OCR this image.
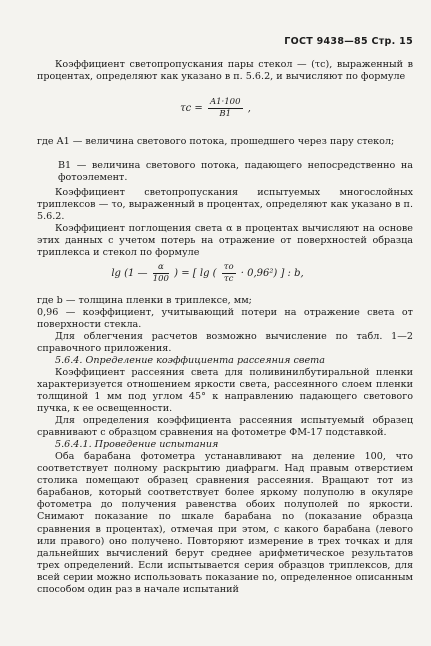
ГОСТ 9438—85 Стр. 15
Коэффициент светопропускания пары стекол — (τc), выраженный в процентах, определяют как указано в п. 5.6.2, и вычисляют по формуле
$\tau c = \frac{A1\cdot 100}{B1}$ ,
где A1 — величина светового потока, прошедшего через пару стекол;
B1 — величина светового потока, падающего непосредственно на фотоэлемент.
Коэффициент светопропускания испытуемых многослойных триплексов — τo, выраженный в процентах, определяют как указано в п. 5.6.2.
Коэффициент поглощения света α в процентах вычисляют на основе этих данных с учетом потерь на отражение от поверхностей образца триплекса и стекол по формуле
lg (1 — $\frac{\alpha}{100}$ ) = [ lg ( $\frac{\tau o}{\tau c} \cdot 0,96^2$) ] : b,
где b — толщина пленки в триплексе, мм;
0,96 — коэффициент, учитывающий потери на отражение света от поверхности стекла.
Для облегчения расчетов возможно вычисление по табл. 1—2 справочного приложения.
5.6.4. Определение коэффициента рассеяния света
Коэффициент рассеяния света для поливинилбутиральной пленки характеризуется отношением яркости света, рассеянного слоем пленки толщиной 1 мм под углом 45° к направлению падающего светового пучка, к ее освещенности.
Для определения коэффициента рассеяния испытуемый образец сравнивают с образцом сравнения на фотометре ФМ-17 подставкой.
5.6.4.1. Проведение испытания
Оба барабана фотометра устанавливают на деление 100, что соответствует полному раскрытию диафрагм. Над правым отверстием столика помещают образец сравнения рассеяния. Вращают тот из барабанов, который соответствует более яркому полуполю в окуляре фотометра до получения равенства обоих полуполей по яркости. Снимают показание по шкале барабана no (показание образца сравнения в процентах), отмечая при этом, с какого барабана (левого или правого) оно получено. Повторяют измерение в трех точках и для дальнейших вычислений берут среднее арифметическое результатов трех определений. Если испытывается серия образцов триплексов, для всей серии можно использовать показание no, определенное описанным способом один раз в начале испытаний
